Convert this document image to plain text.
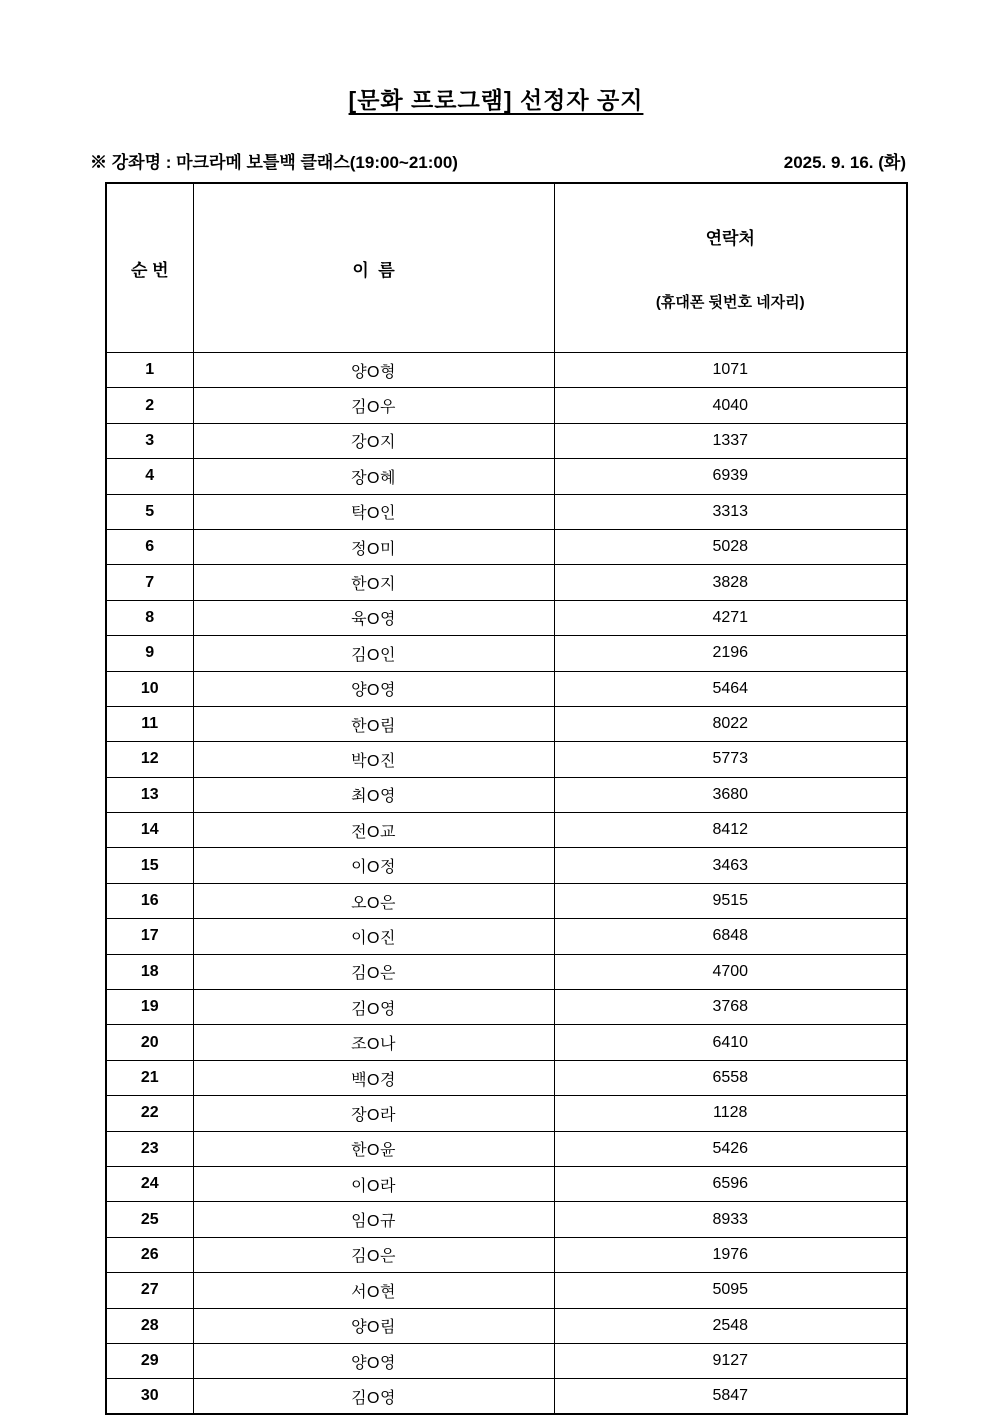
[문화 프로그램] 선정자 공지
※ 강좌명 : 마크라메 보틀백 클래스(19:00~21:00)	2025. 9. 16. (화)
순 번	이  름	연락처

(휴대폰 뒷번호 네자리)

1	양O형	1071
2	김O우	4040
3	강O지	1337
4	장O혜	6939
5	탁O인	3313
6	정O미	5028
7	한O지	3828
8	육O영	4271
9	김O인	2196
10	양O영	5464
11	한O림	8022
12	박O진	5773
13	최O영	3680
14	전O교	8412
15	이O정	3463
16	오O은	9515
17	이O진	6848
18	김O은	4700
19	김O영	3768
20	조O나	6410
21	백O경	6558
22	장O라	1128
23	한O윤	5426
24	이O라	6596
25	임O규	8933
26	김O은	1976
27	서O현	5095
28	양O림	2548
29	양O영	9127
30	김O영	5847
